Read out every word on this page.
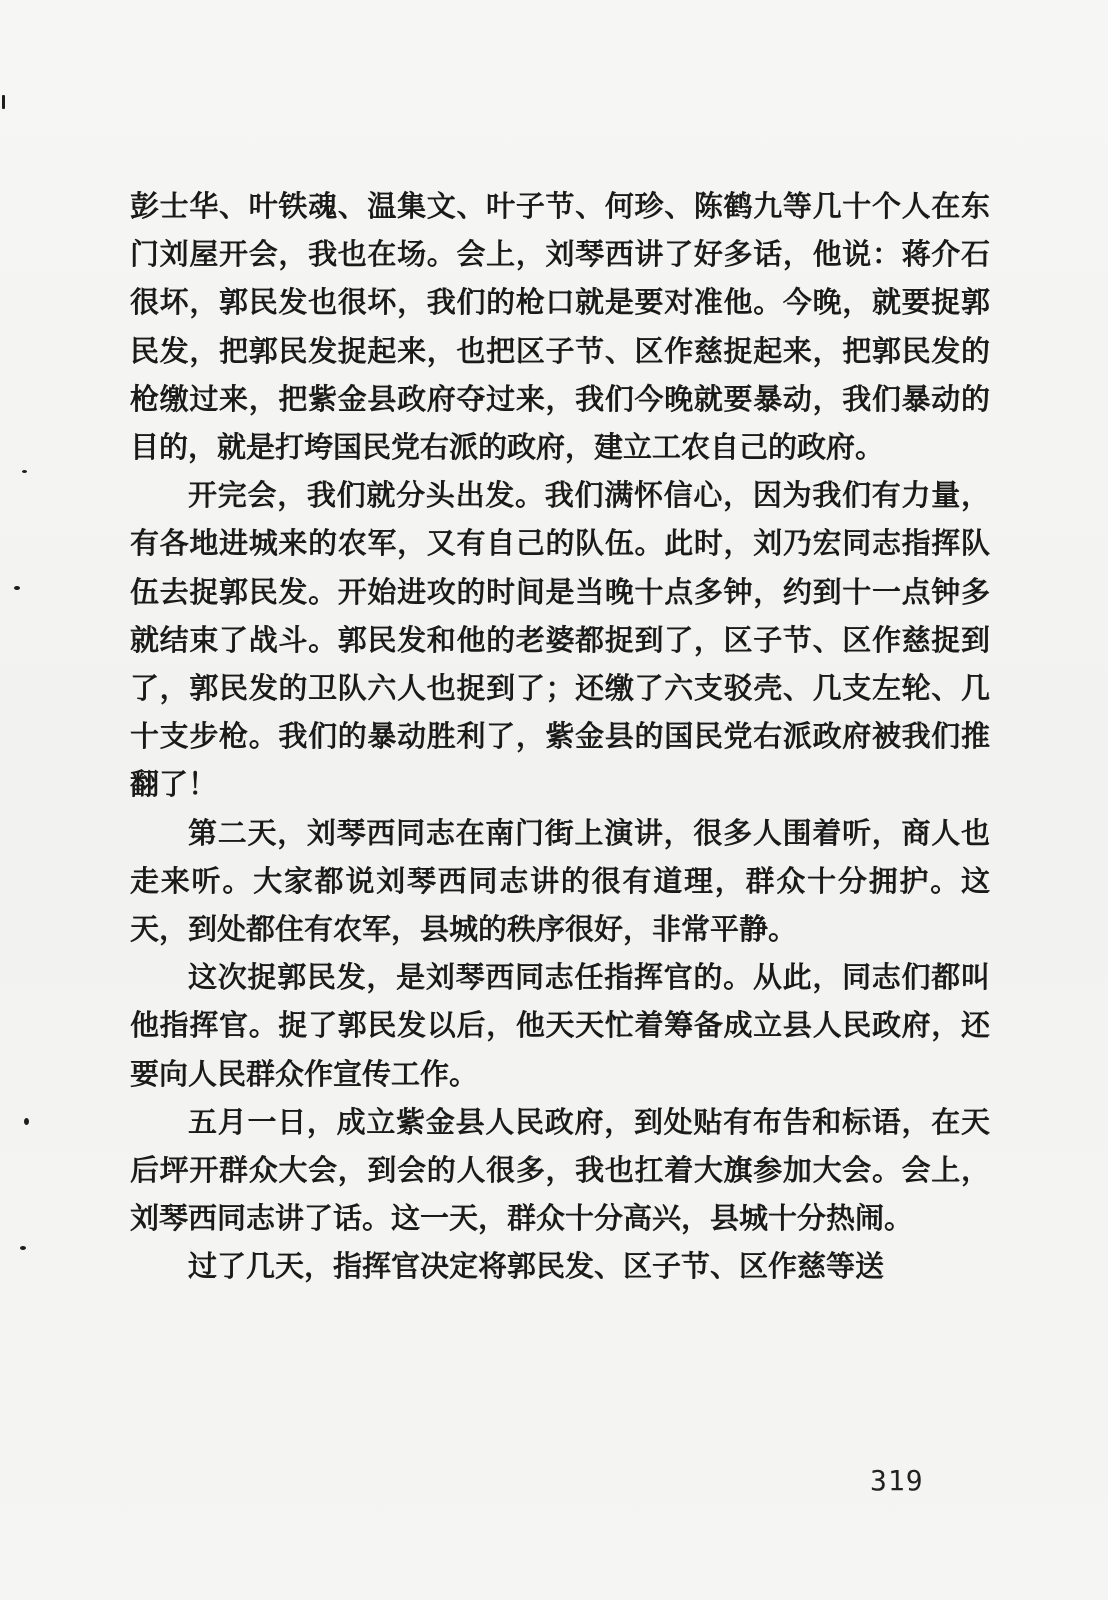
彭士华、叶铁魂、温集文、叶子节、何珍、陈鹤九等几十个人在东门刘屋开会，我也在场。会上，刘琴西讲了好多话，他说：蒋介石很坏，郭民发也很坏，我们的枪口就是要对准他。今晚，就要捉郭民发，把郭民发捉起来，也把区子节、区作慈捉起来，把郭民发的枪缴过来，把紫金县政府夺过来，我们今晚就要暴动，我们暴动的目的，就是打垮国民党右派的政府，建立工农自己的政府。

开完会，我们就分头出发。我们满怀信心，因为我们有力量，有各地进城来的农军，又有自己的队伍。此时，刘乃宏同志指挥队伍去捉郭民发。开始进攻的时间是当晚十点多钟，约到十一点钟多就结束了战斗。郭民发和他的老婆都捉到了，区子节、区作慈捉到了，郭民发的卫队六人也捉到了；还缴了六支驳壳、几支左轮、几十支步枪。我们的暴动胜利了，紫金县的国民党右派政府被我们推翻了！

第二天，刘琴西同志在南门街上演讲，很多人围着听，商人也走来听。大家都说刘琴西同志讲的很有道理，群众十分拥护。这天，到处都住有农军，县城的秩序很好，非常平静。

这次捉郭民发，是刘琴西同志任指挥官的。从此，同志们都叫他指挥官。捉了郭民发以后，他天天忙着筹备成立县人民政府，还要向人民群众作宣传工作。

五月一日，成立紫金县人民政府，到处贴有布告和标语，在天后坪开群众大会，到会的人很多，我也扛着大旗参加大会。会上，刘琴西同志讲了话。这一天，群众十分高兴，县城十分热闹。

过了几天，指挥官决定将郭民发、区子节、区作慈等送

319
